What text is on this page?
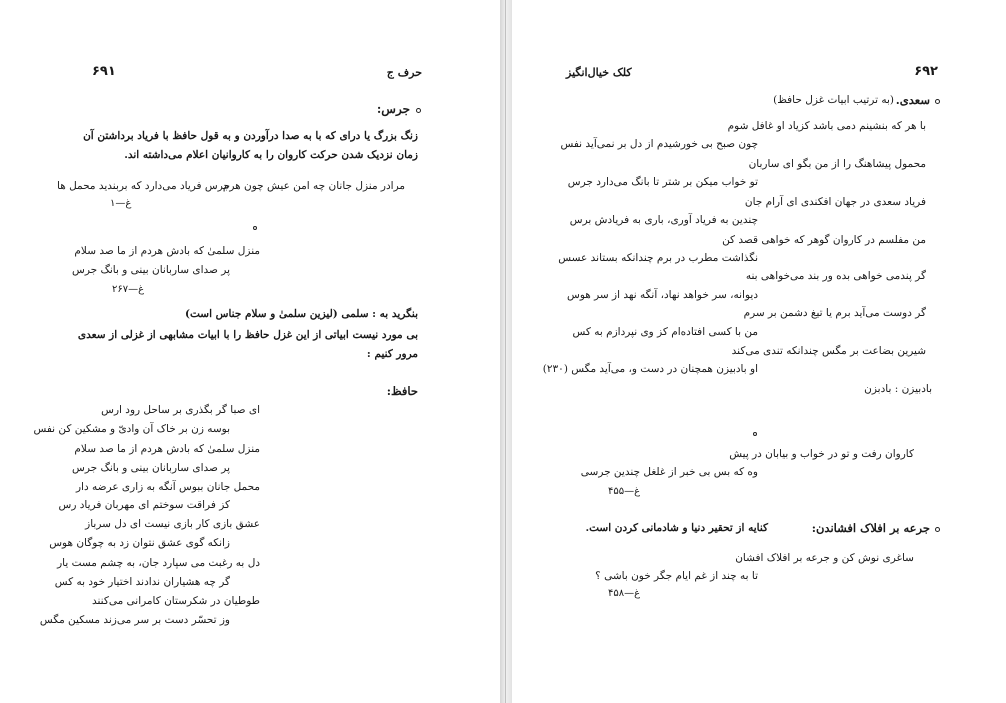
حرف ج
۶۹۱
جرس:
زنگ بزرگ یا درای که با به صدا درآوردن و به قول حافظ با فریاد برداشتن آن
زمان نزدیک شدن حرکت کاروان را به کاروانیان اعلام می‌داشته اند.
مرادر منزل جانان چه امن عیش چون هرم
جرس فریاد می‌دارد که بربندید محمل ها
غ—۱
منزل سلمیٰ که بادش هردم از ما صد سلام
پر صدای ساربانان بینی و بانگ جرس
غ—۲۶۷
بنگرید به : سلمی (لیزین سلمیٰ و سلام جناس است)
بی مورد نیست ابیاتی از این غزل حافظ را با ابیات مشابهی از غزلی از سعدی
مرور کنیم :
حافظ:
ای صبا گر بگذری بر ساحل رود ارس
بوسه زن بر خاک آن وادیّ و مشکین کن نفس
منزل سلمیٰ که بادش هردم از ما صد سلام
پر صدای ساربانان بینی و بانگ جرس
محمل جانان ببوس آنگه به زاری عرضه دار
کز فراقت سوختم ای مهربان فریاد رس
عشق بازی کار بازی نیست ای دل سرباز
زانکه گوی عشق نتوان زد به چوگان هوس
دل به رغبت می سپارد جان، به چشم مست یار
گر چه هشیاران ندادند اختیار خود به کس
طوطیان در شکرستان کامرانی می‌کنند
وز تحسّر دست بر سر می‌زند مسکین مگس
کلک خیال‌انگیز	۶۹۲
سعدی.
(به ترتیب ابیات غزل حافظ)
با هر که بنشینم دمی باشد کزیاد او غافل شوم
چون صبح بی خورشیدم از دل بر نمی‌آید نفس
محمول پیشاهنگ را از من بگو ای ساربان
تو خواب میکن بر شتر تا بانگ می‌دارد جرس
فریاد سعدی در جهان افکندی ای آرام جان
چندین به فریاد آوری، باری به فریادش برس
من مفلسم در کاروان گوهر که خواهی قصد کن
نگذاشت مطرب در برم چندانکه بستاند عسس
گر پندمی خواهی بده ور بند می‌خواهی بنه
دیوانه، سر خواهد نهاد، آنگه نهد از سر هوس
گر دوست می‌آید برم یا تیغ دشمن بر سرم
من با کسی افتاده‌ام کز وی نپردازم به کس
شیرین بضاعت بر مگس چندانکه تندی می‌کند
او بادبیزن همچنان در دست و، می‌آید مگس (۲۳۰)
بادبیزن : بادبزن
کاروان رفت و تو در خواب و بیابان در پیش
وه که بس بی خبر از غلغل چندین جرسی
غ—۴۵۵
جرعه بر افلاک افشاندن:
کنایه از تحقیر دنیا و شادمانی کردن است.
ساغری نوش کن و جرعه بر افلاک افشان
تا به چند از غم ایام جگر خون باشی ؟
غ—۴۵۸
